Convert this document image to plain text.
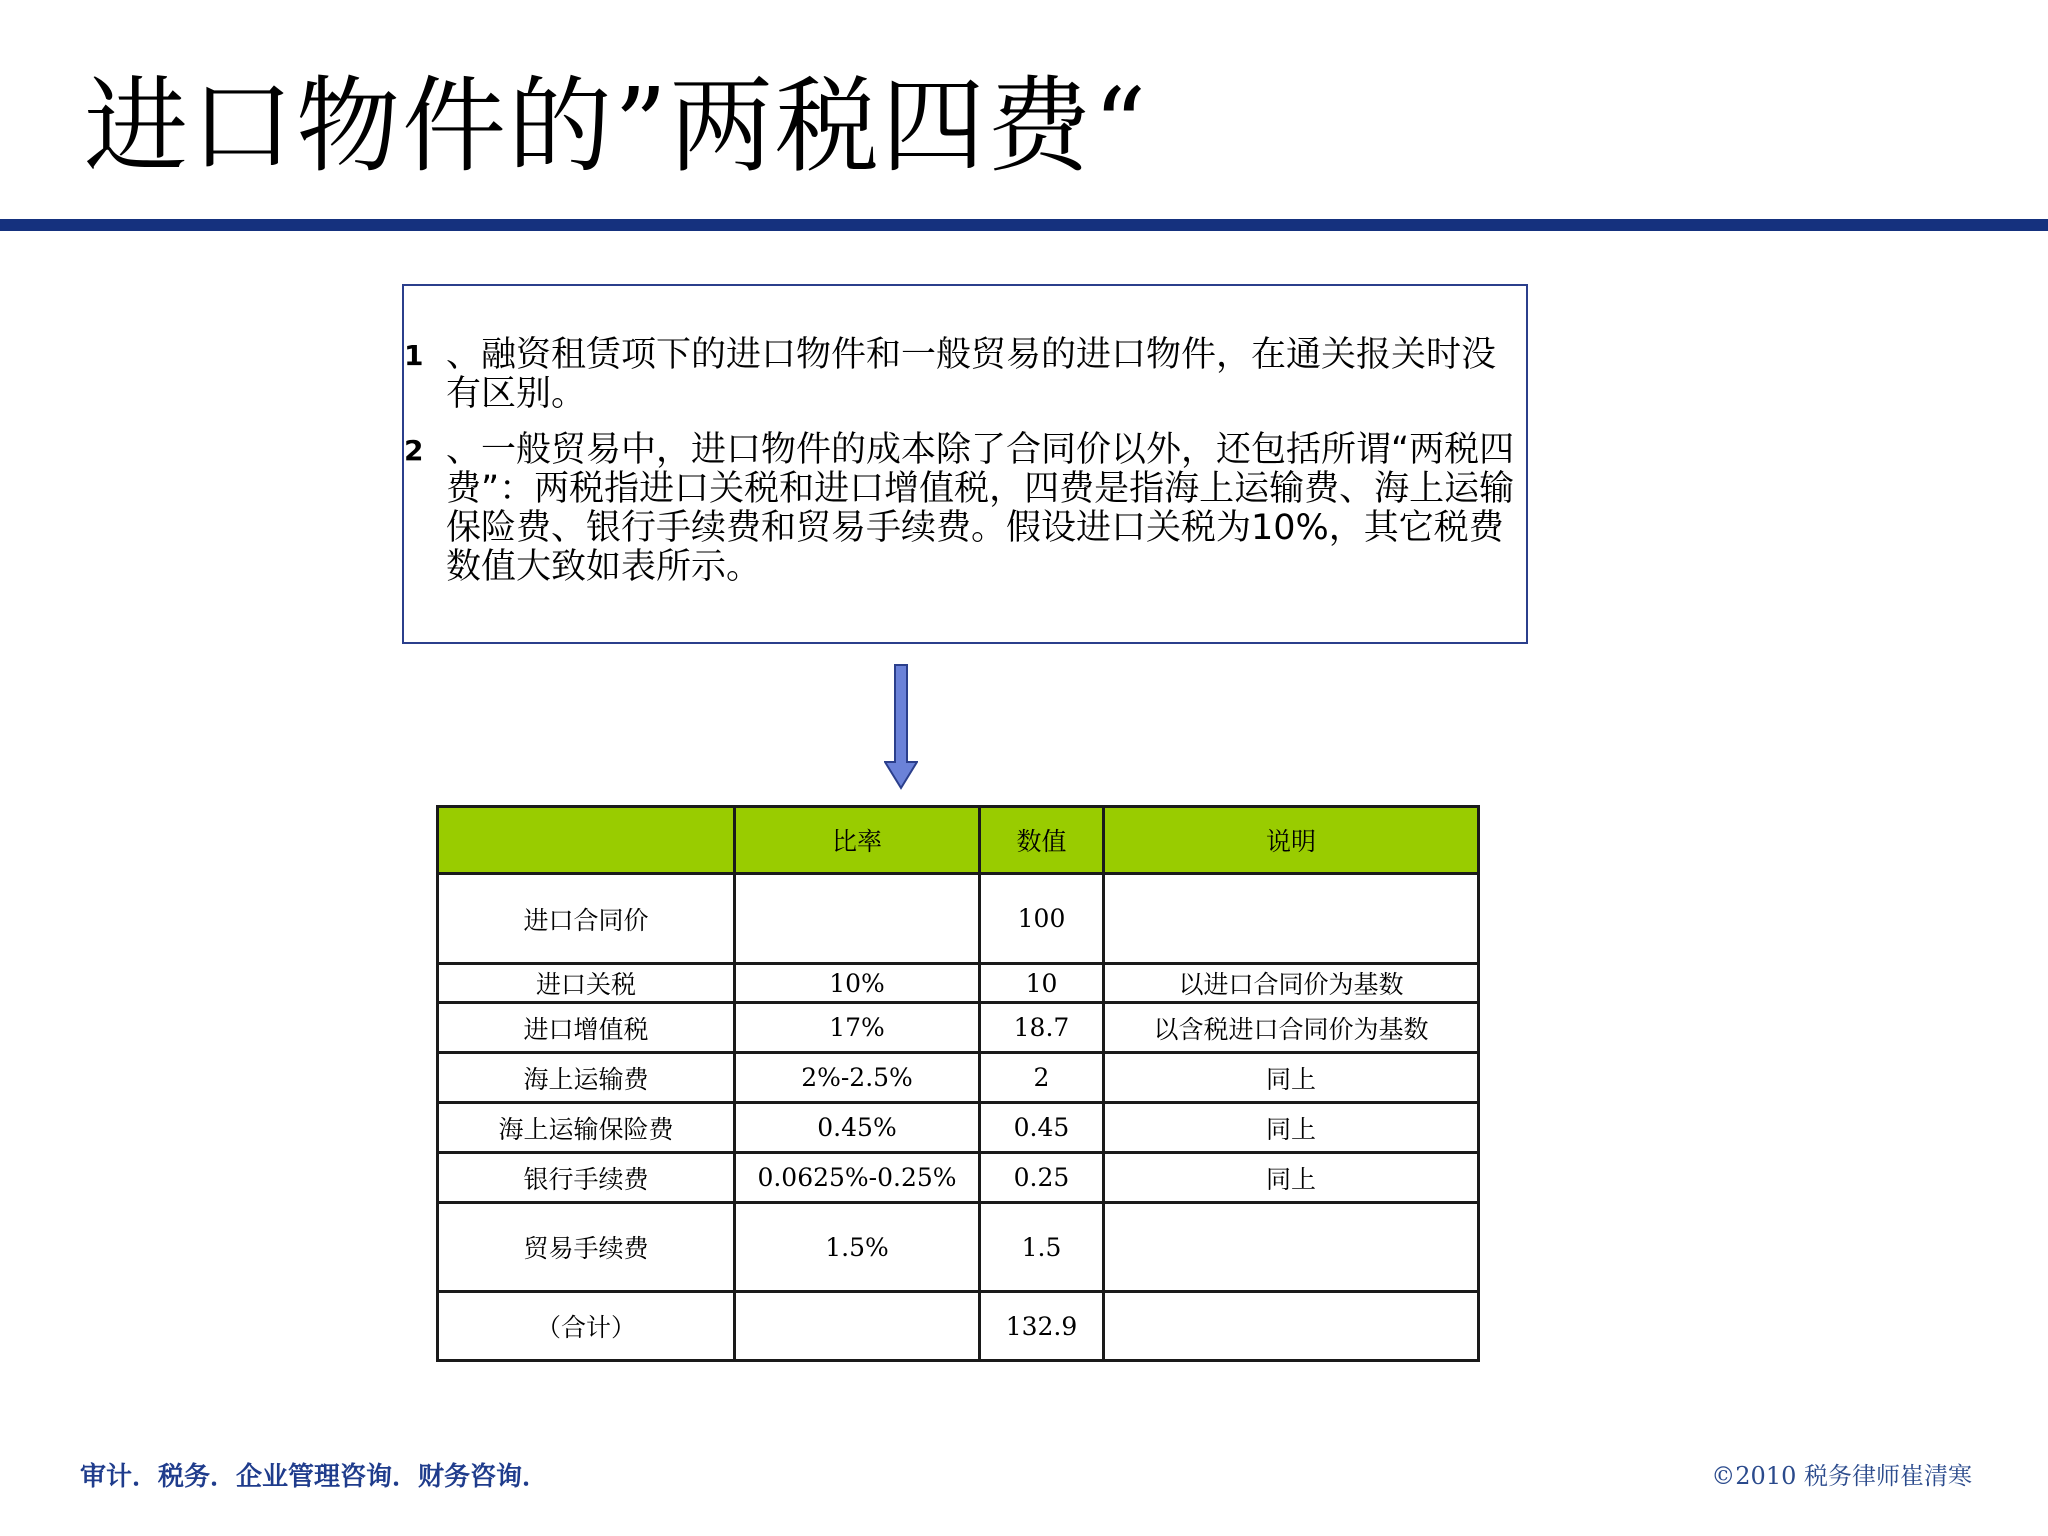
进口物件的”两税四费“
1 、融资租赁项下的进口物件和一般贸易的进口物件，在通关报关时没有区别。
2 、一般贸易中，进口物件的成本除了合同价以外，还包括所谓“两税四费”：两税指进口关税和进口增值税，四费是指海上运输费、海上运输保险费、银行手续费和贸易手续费。假设进口关税为10%，其它税费数值大致如表所示。
	比率	数值	说明
进口合同价		100	
进口关税	10%	10	以进口合同价为基数
进口增值税	17%	18.7	以含税进口合同价为基数
海上运输费	2%-2.5%	2	同上
海上运输保险费	0.45%	0.45	同上
银行手续费	0.0625%-0.25%	0.25	同上
贸易手续费	1.5%	1.5	
（合计）		132.9	
审计．税务．企业管理咨询．财务咨询．	©2010 税务律师崔清寒
